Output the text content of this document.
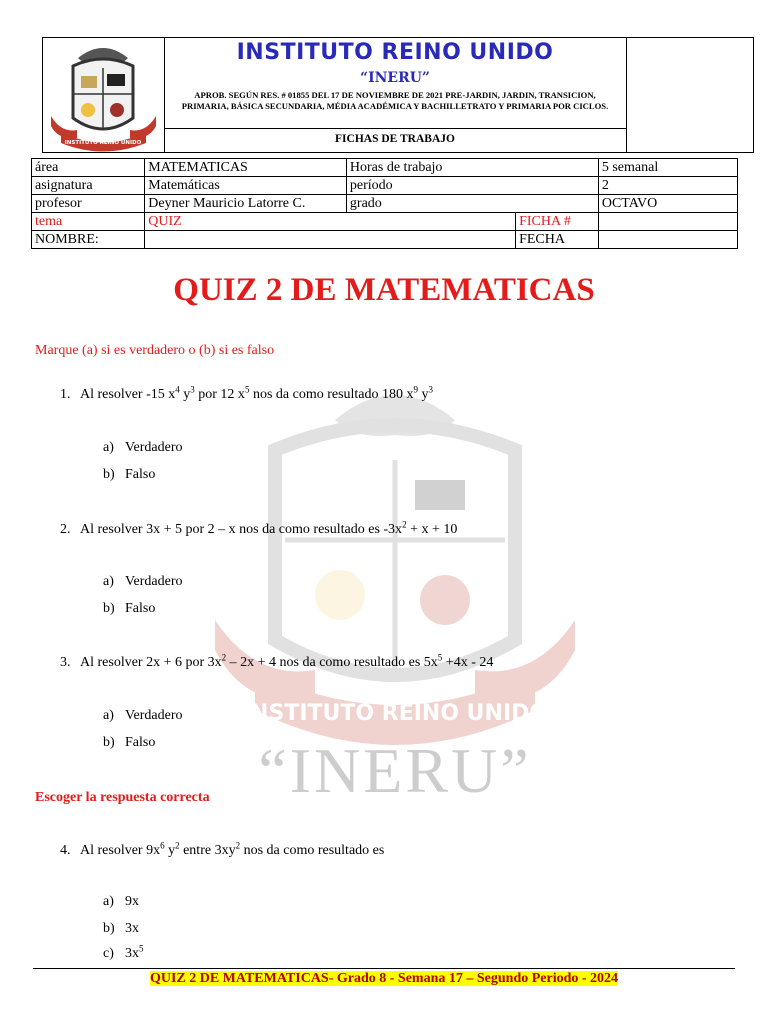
INSTITUTO REINO UNIDO
“INERU”
INSTITUTO REINO UNIDO
INSTITUTO REINO UNIDO
“INERU”
APROB. SEGÚN RES. # 01855 DEL 17 DE NOVIEMBRE DE 2021 PRE-JARDIN, JARDIN, TRANSICION,
PRIMARIA, BÁSICA SECUNDARIA, MÉDIA ACADÉMICA Y BACHILLETRATO Y PRIMARIA POR CICLOS.
FICHAS DE TRABAJO
área	MATEMATICAS	Horas de trabajo		5 semanal
asignatura	Matemáticas	período		2
profesor	Deyner Mauricio Latorre C.	grado		OCTAVO
tema	QUIZ		FICHA #	
NOMBRE:			FECHA	
QUIZ 2 DE MATEMATICAS
Marque (a) si es verdadero o (b) si es falso
1. Al resolver -15 $x^4$ $y^3$ por 12 $x^5$ nos da como resultado 180 $x^9$ $y^3$
a) Verdadero
b) Falso
2. Al resolver 3x + 5 por 2 – x nos da como resultado es $-3x^2 + x + 10$
a) Verdadero
b) Falso
3. Al resolver 2x + 6 por $3x^2 - 2x + 4$ nos da como resultado es $5x^5 +4x - 24$
a) Verdadero
b) Falso
Escoger la respuesta correcta
4. Al resolver $9x^6$ $y^2$ entre $3xy^2$ nos da como resultado es
a) 9x
b) 3x
c) $3x^5$
QUIZ 2 DE MATEMATICAS- Grado 8 - Semana 17 – Segundo Periodo - 2024
